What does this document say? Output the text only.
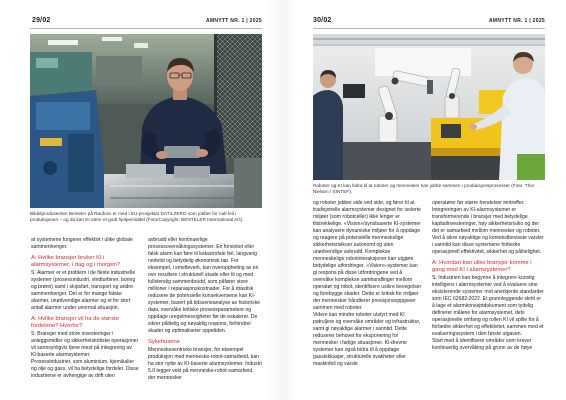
29/02	AMNYTT NR. 1 | 2025

Bildelprodusenten Benteler på Raufoss er med i EU-prosjektet DAT4.ZERO som jobber for null-feil i produksjonen – og da kan KI være et godt hjelpemiddel (Foto/Copyright: BENTELER International AG).

at systemene fungerer effektivt i ulike globale sammenhenger.

A: Hvilke bransjer bruker KI i alarmsystemer, i dag og i morgen?

S: Alarmer er et problem i de fleste industrielle systemer (prosessindustri, vindturbiner, boring og brønn) samt i skipsfart, transport og andre sammenhenger. Det er for mange falske alarmer, unødvendige alarmer og et for stort antall alarmer under unormal situasjon.

A: Hvilke bransjer vil ha de største fordelene? Hvorfor?

S: Bransjer med store investeringer i anleggsmidler og sikkerhetskritiske operasjoner vil sannsynligvis tjene mest på integrering av KI-baserte alarmsystemer.

Prosessindustrier, som aluminium, kjemikalier og olje og gass, vil ha betydelige fordeler. Disse industriene er avhengige av drift uten

avbrudd eller kontinuerlige prosessovervåkingssystemer. En forsinket eller falsk alarm kan føre til katastrofale feil, langvarig nedetid og betydelig økonomisk tap. For eksempel, i smelteverk, kan overoppheting av en ovn resultere i strukturell skade eller til og med fullstendig sammenbrudd, som påfører store millioner i reparasjonskostnader. For å drastisk redusere de potensielle konsekvensene kan KI-systemer, basert på tidsserieanalyse av historiske data, overvåke kritiske prosessparametere og oppdage uregelmessigheter før de eskalerer. De sikrer pålitelig og nøyaktig respons, forhindrer skader og optimaliserer oppetiden.

Sykehusene

Menneskesentriske bransjer, for eksempel produksjon med menneske-robot-samarbeid, kan ha stor nytte av KI-baserte alarmsystemer. Industri 5.0 legger vekt på menneske-robot-samarbeid, der mennesker

30/02	AMNYTT NR. 1 | 2025

Roboter og KI kan bidra til at roboter og mennesker kan jobbe sammen i produksjonsprosesser (Foto: Thor Nielsen / SINTEF).

og roboter jobber side ved side, og fører til at tradisjonelle alarmsystemer designet for isolerte miljøer (som robotceller) ikke lenger er tilstrekkelige. «Vision»/synsbaserte KI-systemer kan analysere dynamiske miljøer for å oppdage og reagere på potensielle menneskelige sikkerhetsrisikoer autonomt og uten unødvendige avbrudd. Komplekse menneskelige robotinteraksjoner kan utgjøre betydelige utfordringer. «Vision»-systemer kan gi respons på disse utfordringene ved å overvåke komplekse samhandlinger mellom operatør og robot, identifisere usikre bevegelser og forebygge skader. Dette er kritisk for miljøer der mennesker håndterer presisjonsoppgaver sammen med roboter.

Videre kan mindre roboter utstyrt med KI patruljere og overvåke områder og infrastruktur, samt gi nøyaktige alarmer i sanntid. Dette reduserer behovet for eksponering for mennesker i farlige situasjoner. KI-drevne systemer kan også bidra til å oppdage gasslekkasjer, strukturelle svakheter eller maskinfeil og varsle

operatører før større hendelser inntreffer. Integreringen av KI-alarmsystemer er transformerende i bransjer med betydelige kapitalinvesteringer, høy sikkerhetsrisiko og der det er samarbeid mellom mennesker og roboter. Ved å sikre nøyaktige og kontekstbevisste varsler i sanntid kan disse systemene forbedre operasjonell effektivitet, sikkerhet og pålitelighet.

A: Hvordan kan ulike bransjer komme i gang med KI i alarmsystemer?

S: Industrien kan begynne å integrere kunstig intelligens i alarmsystemer ved å evaluere sine eksisterende systemer mot anerkjente standarder som IEC 62682:2022. Et grunnleggende skritt er å lage et alarmkonseptdokument som tydelig definerer målene for alarmsystemet, dets operasjonelle omfang og rollen KI vil spille for å forbedre sikkerhet og effektivitet, sammen med et evalueringssystem i den første utgaven.

Start med å identifisere områder som krever kontinuerlig overvåking på grunn av de høye
